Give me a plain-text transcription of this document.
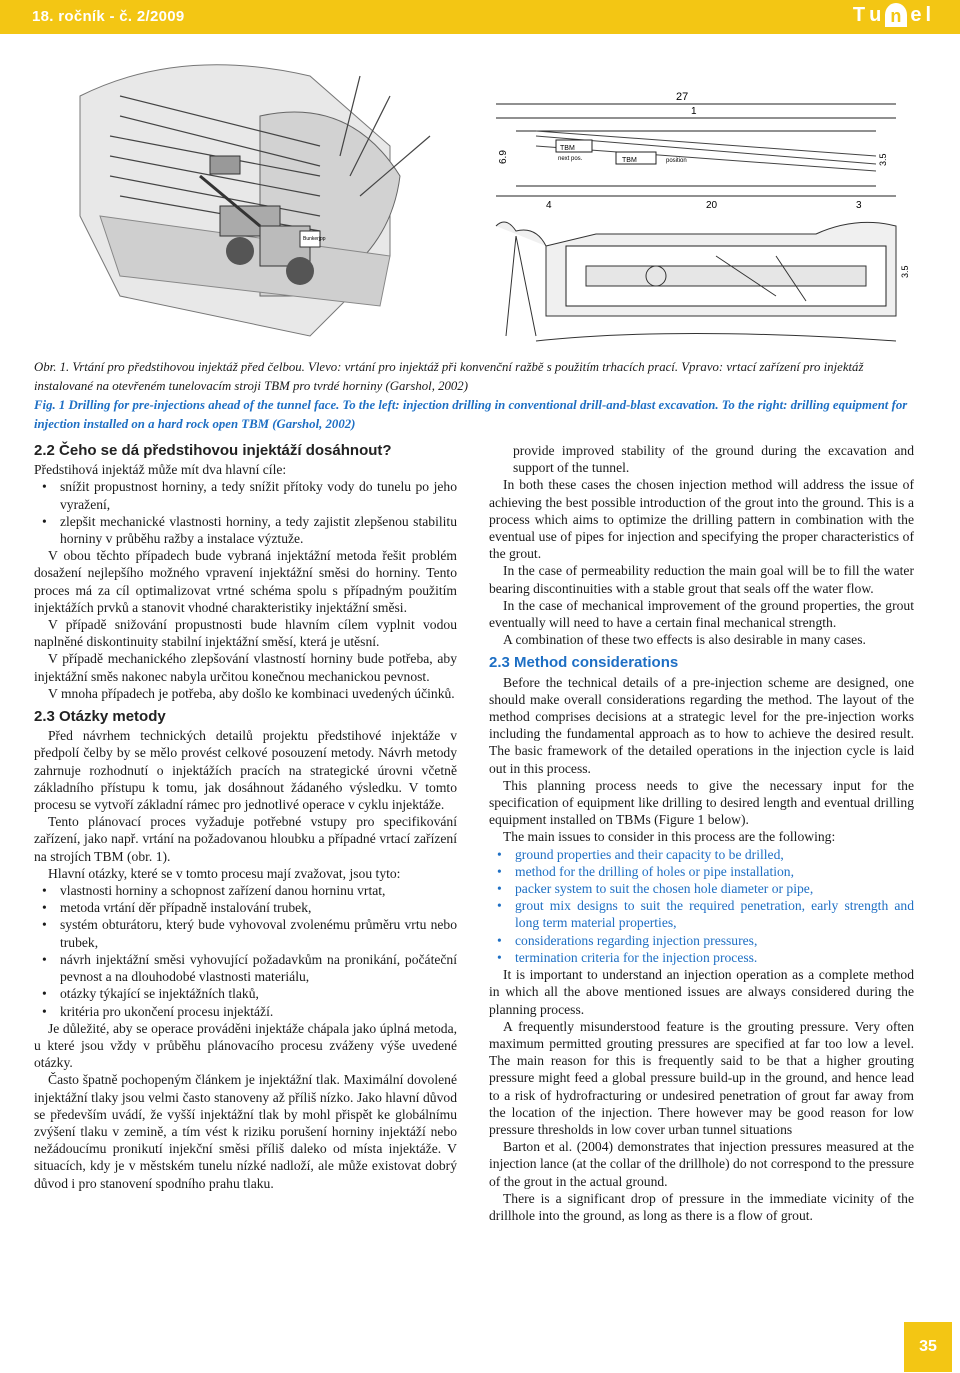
18. ročník - č. 2/2009	T u n e l
Bunkerjpp
27
1
6.9
TBM
next pos.	TBM	position
4	20	3
3.5
3.5

Obr. 1. Vrtání pro předstihovou injektáž před čelbou. Vlevo: vrtání pro injektáž při konvenční ražbě s použitím trhacích prací. Vpravo: vrtací zařízení pro injektáž instalované na otevřeném tunelovacím stroji TBM pro tvrdé horniny (Garshol, 2002)

Fig. 1 Drilling for pre-injections ahead of the tunnel face. To the left: injection drilling in conventional drill-and-blast excavation. To the right: drilling equipment for injection installed on a hard rock open TBM (Garshol, 2002)

2.2 Čeho se dá předstihovou injektáží dosáhnout?

Předstihová injektáž může mít dva hlavní cíle:

• snížit propustnost horniny, a tedy snížit přítoky vody do tunelu po jeho vyražení,
• zlepšit mechanické vlastnosti horniny, a tedy zajistit zlepšenou stabilitu horniny v průběhu ražby a instalace výztuže.

V obou těchto případech bude vybraná injektážní metoda řešit problém dosažení nejlepšího možného vpravení injektážní směsi do horniny. Tento proces má za cíl optimalizovat vrtné schéma spolu s případným použitím injektážích prvků a stanovit vhodné charakteristiky injektážní směsi.

V případě snižování propustnosti bude hlavním cílem vyplnit vodou naplněné diskontinuity stabilní injektážní směsí, která je utěsní.

V případě mechanického zlepšování vlastností horniny bude potřeba, aby injektážní směs nakonec nabyla určitou konečnou mechanickou pevnost.

V mnoha případech je potřeba, aby došlo ke kombinaci uvedených účinků.

2.3 Otázky metody

Před návrhem technických detailů projektu předstihové injektáže v předpolí čelby by se mělo provést celkové posouzení metody. Návrh metody zahrnuje rozhodnutí o injektážích pracích na strategické úrovni včetně základního přístupu k tomu, jak dosáhnout žádaného výsledku. V tomto procesu se vytvoří základní rámec pro jednotlivé operace v cyklu injektáže.

Tento plánovací proces vyžaduje potřebné vstupy pro specifikování zařízení, jako např. vrtání na požadovanou hloubku a případné vrtací zařízení na strojích TBM (obr. 1).

Hlavní otázky, které se v tomto procesu mají zvažovat, jsou tyto:

• vlastnosti horniny a schopnost zařízení danou horninu vrtat,
• metoda vrtání děr případně instalování trubek,
• systém obturátoru, který bude vyhovoval zvolenému průměru vrtu nebo trubek,
• návrh injektážní směsi vyhovující požadavkům na pronikání, počáteční pevnost a na dlouhodobé vlastnosti materiálu,
• otázky týkající se injektážních tlaků,
• kritéria pro ukončení procesu injektáží.

Je důležité, aby se operace prováděni injektáže chápala jako úplná metoda, u které jsou vždy v průběhu plánovacího procesu zváženy výše uvedené otázky.

Často špatně pochopeným článkem je injektážní tlak. Maximální dovolené injektážní tlaky jsou velmi často stanoveny až příliš nízko. Jako hlavní důvod se především uvádí, že vyšší injektážní tlak by mohl přispět ke globálnímu zvýšení tlaku v zemině, a tím vést k riziku porušení horniny injektáží nebo nežádoucímu pronikutí injekční směsi příliš daleko od místa injektáže. V situacích, kdy je v městském tunelu nízké nadloží, ale může existovat dobrý důvod i pro stanovení spodního prahu tlaku.

provide improved stability of the ground during the excavation and support of the tunnel.

In both these cases the chosen injection method will address the issue of achieving the best possible introduction of the grout into the ground. This is a process which aims to optimize the drilling pattern in combination with the eventual use of pipes for injection and specifying the proper characteristics of the grout.

In the case of permeability reduction the main goal will be to fill the water bearing discontinuities with a stable grout that seals off the water flow.

In the case of mechanical improvement of the ground properties, the grout eventually will need to have a certain final mechanical strength.

A combination of these two effects is also desirable in many cases.

2.3 Method considerations

Before the technical details of a pre-injection scheme are designed, one should make overall considerations regarding the method. The layout of the method comprises decisions at a strategic level for the pre-injection works including the fundamental approach as to how to achieve the desired result. The basic framework of the detailed operations in the injection cycle is laid out in this process.

This planning process needs to give the necessary input for the specification of equipment like drilling to desired length and eventual drilling equipment installed on TBMs (Figure 1 below).

The main issues to consider in this process are the following:

• ground properties and their capacity to be drilled,
• method for the drilling of holes or pipe installation,
• packer system to suit the chosen hole diameter or pipe,
• grout mix designs to suit the required penetration, early strength and long term material properties,
• considerations regarding injection pressures,
• termination criteria for the injection process.

It is important to understand an injection operation as a complete method in which all the above mentioned issues are always considered during the planning process.

A frequently misunderstood feature is the grouting pressure. Very often maximum permitted grouting pressures are specified at far too low a level. The main reason for this is frequently said to be that a higher grouting pressure might feed a global pressure build-up in the ground, and hence lead to a risk of hydrofracturing or undesired penetration of grout far away from the location of the injection. There however may be good reason for low pressure thresholds in low cover urban tunnel situations

Barton et al. (2004) demonstrates that injection pressures measured at the injection lance (at the collar of the drillhole) do not correspond to the pressure of the grout in the actual ground.

There is a significant drop of pressure in the immediate vicinity of the drillhole into the ground, as long as there is a flow of grout.

35
